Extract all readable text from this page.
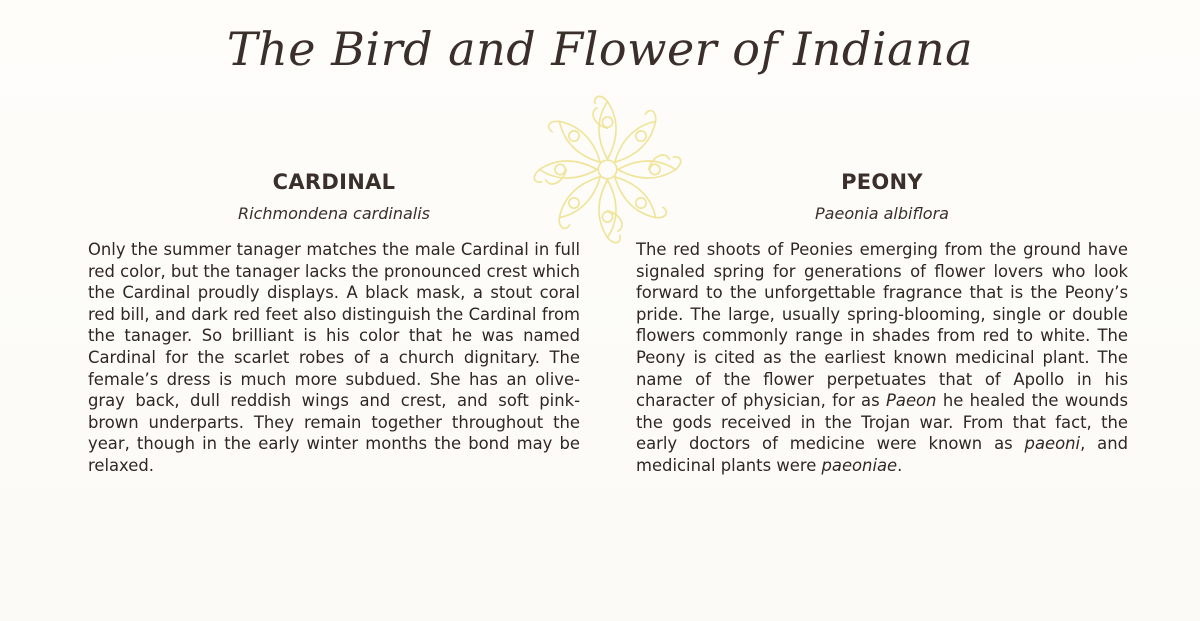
The Bird and Flower of Indiana
CARDINAL

Richmondena cardinalis

Only the summer tanager matches the male Cardinal in full red color, but the tanager lacks the pronounced crest which the Cardinal proudly displays. A black mask, a stout coral red bill, and dark red feet also distinguish the Cardinal from the tanager. So brilliant is his color that he was named Cardinal for the scarlet robes of a church dignitary. The female’s dress is much more subdued. She has an olive-gray back, dull reddish wings and crest, and soft pink-brown underparts. They remain together throughout the year, though in the early winter months the bond may be relaxed.

PEONY

Paeonia albiflora

The red shoots of Peonies emerging from the ground have signaled spring for generations of flower lovers who look forward to the unforgettable fragrance that is the Peony’s pride. The large, usually spring-blooming, single or double flowers commonly range in shades from red to white. The Peony is cited as the earliest known medicinal plant. The name of the flower perpetuates that of Apollo in his character of physician, for as Paeon he healed the wounds the gods received in the Trojan war. From that fact, the early doctors of medicine were known as paeoni, and medicinal plants were paeoniae.
